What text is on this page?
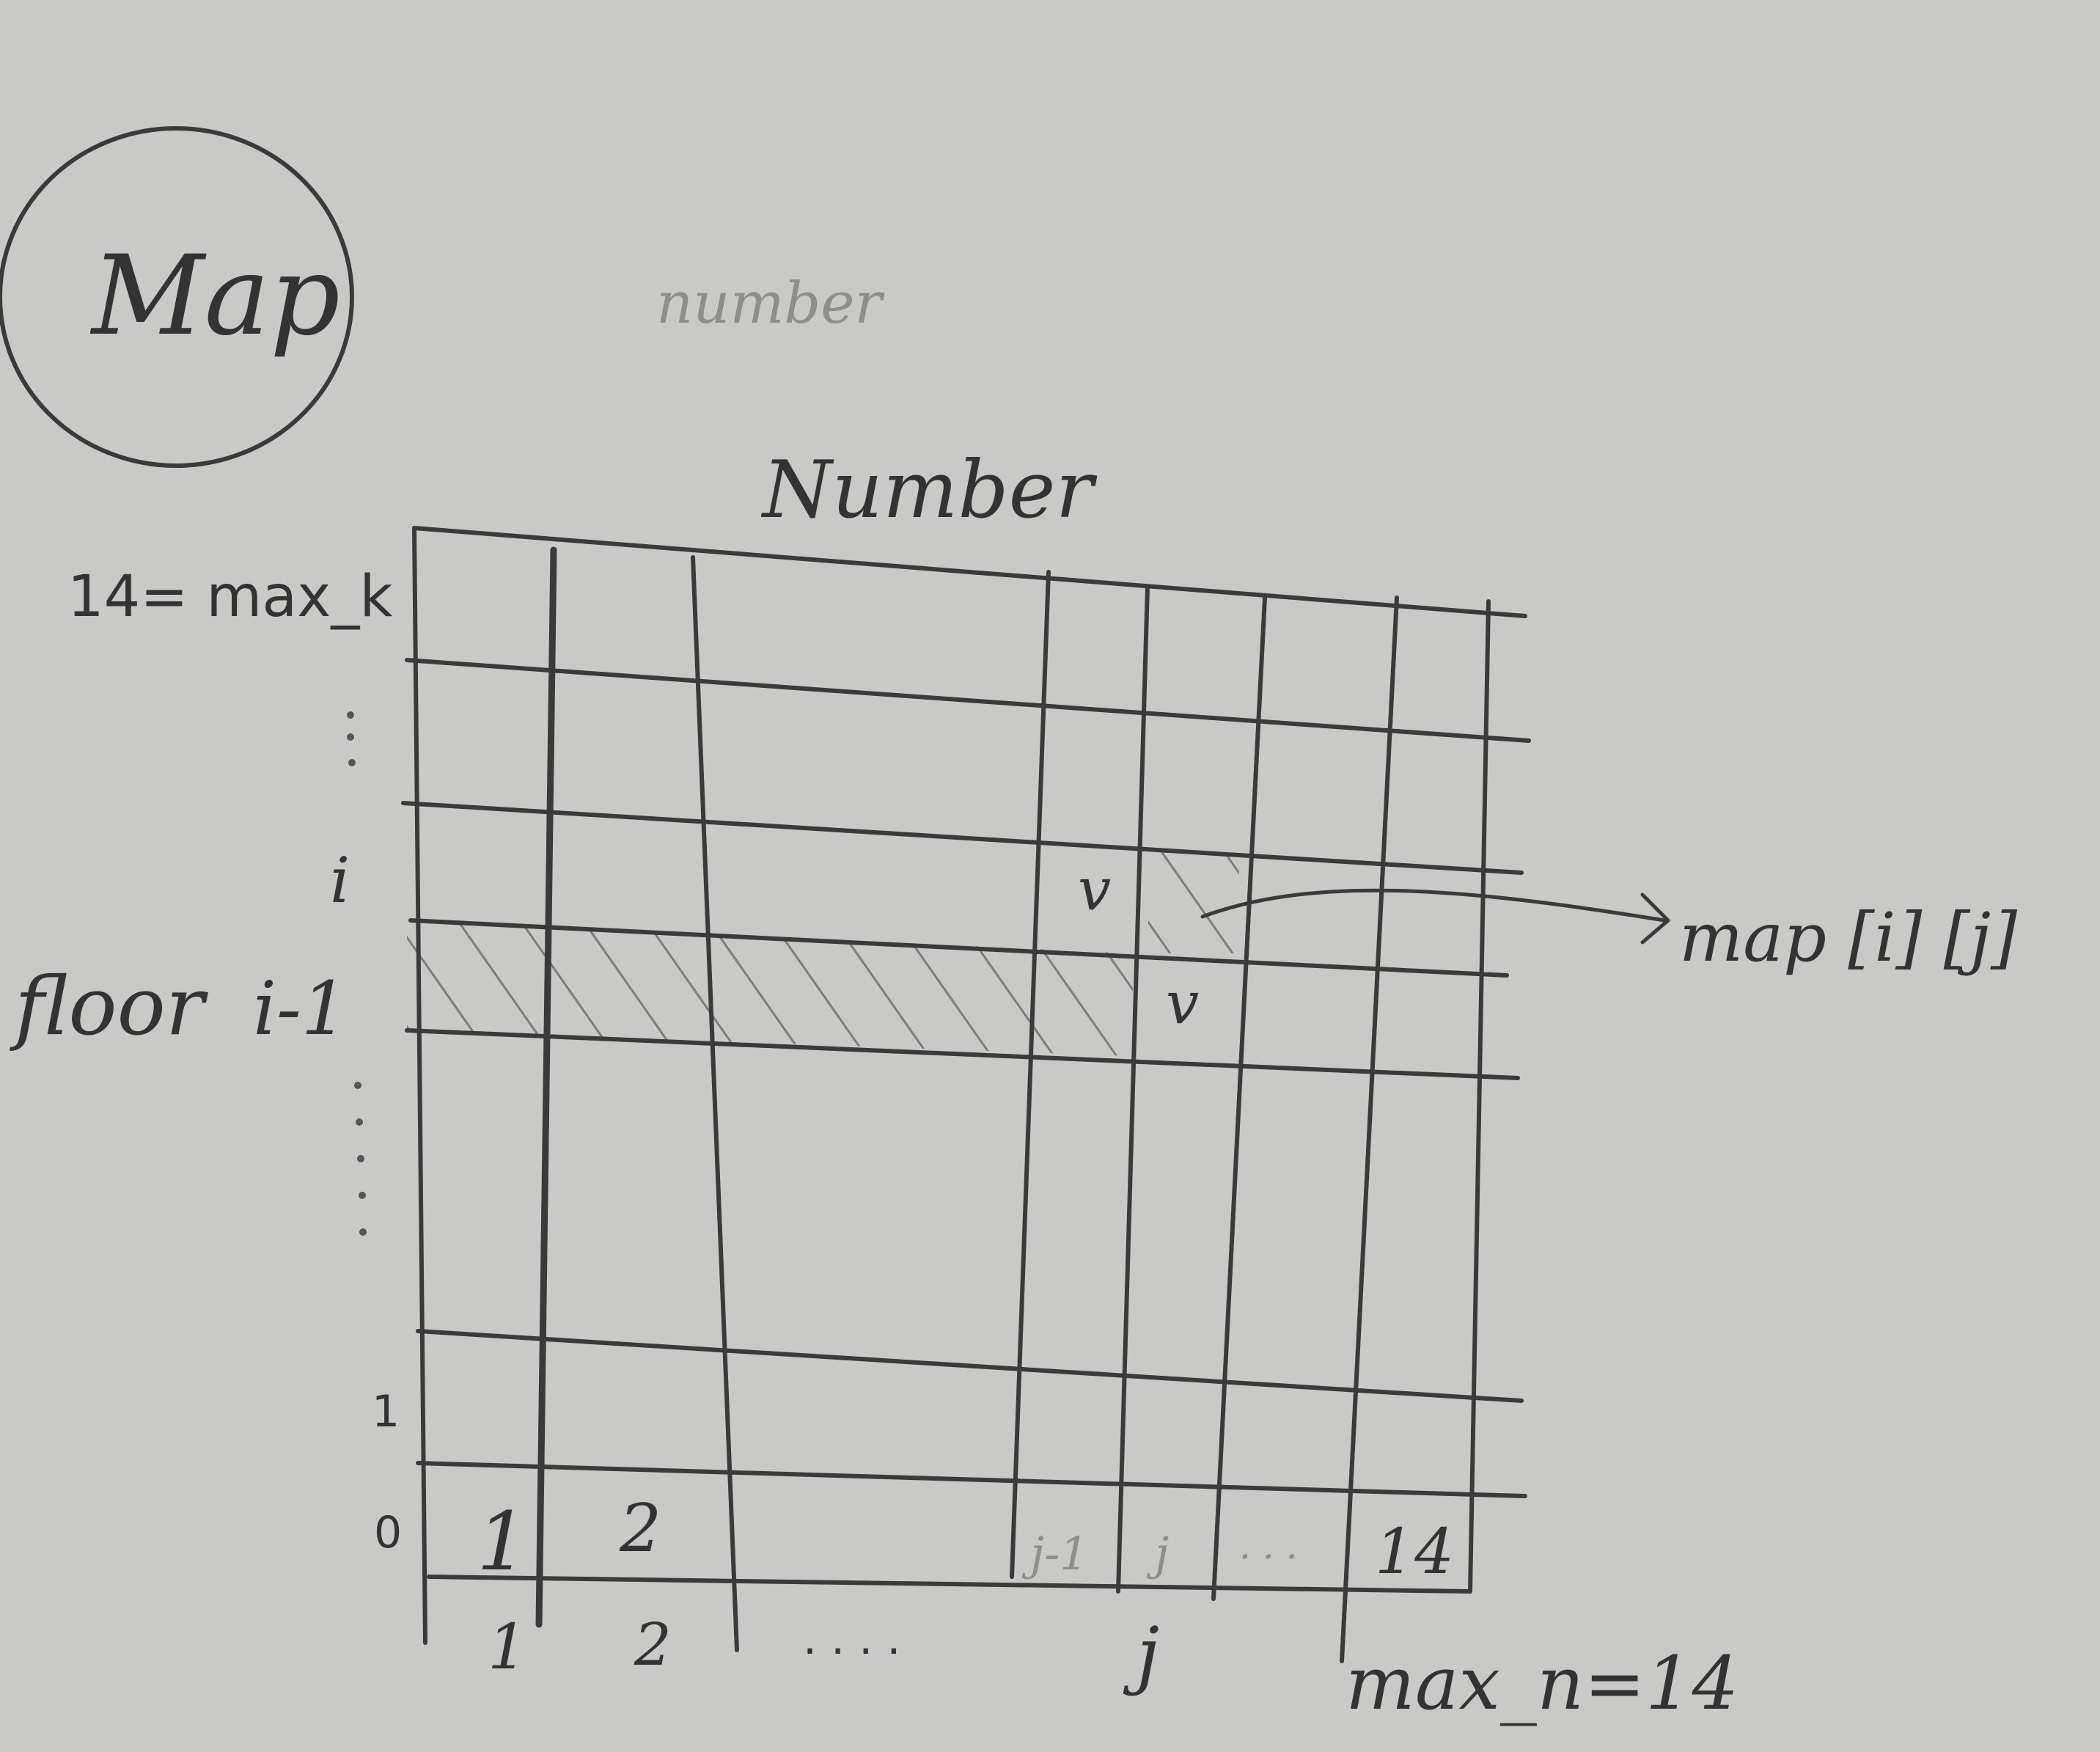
Map	number
Number
14= max_k
i
floor i-1
1
0 1 2	j-1 j	14
. . .
1 2	. . . .	j	max_n=14
v
v
map [i] [j]
